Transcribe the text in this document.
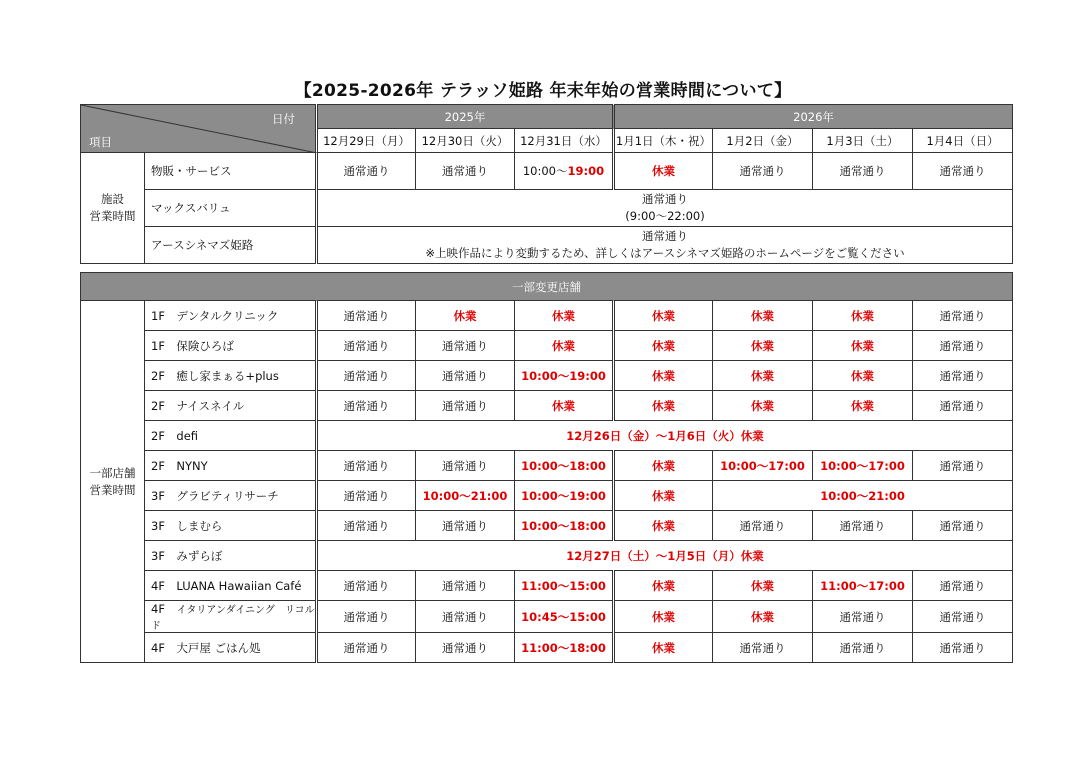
【2025-2026年 テラッソ姫路 年末年始の営業時間について】
日付
項目		2025年			2026年			
		12月29日（月）	12月30日（火）	12月31日（水）	1月1日（木・祝）	1月2日（金）	1月3日（土）	1月4日（日）

施設
営業時間	物販・サービス	通常通り	通常通り	10:00～19:00	休業	通常通り	通常通り	通常通り
	マックスバリュ	通常通り
(9:00～22:00)						

	アースシネマズ姫路	通常通り
※上映作品により変動するため、詳しくはアースシネマズ姫路のホームページをご覧ください						
一部変更店舗								

一部店舗
営業時間	1F　デンタルクリニック	通常通り	休業	休業	休業	休業	休業	通常通り
	1F　保険ひろば	通常通り	通常通り	休業	休業	休業	休業	通常通り
	2F　癒し家まぁる+plus	通常通り	通常通り	10:00～19:00	休業	休業	休業	通常通り
	2F　ナイスネイル	通常通り	通常通り	休業	休業	休業	休業	通常通り
	2F　defi	12月26日（金）～1月6日（火）休業						
	2F　NYNY	通常通り	通常通り	10:00～18:00	休業	10:00～17:00	10:00～17:00	通常通り
	3F　グラビティリサーチ	通常通り	10:00～21:00	10:00～19:00	休業	10:00～21:00		
	3F　しまむら	通常通り	通常通り	10:00～18:00	休業	通常通り	通常通り	通常通り
	3F　みずらぼ	12月27日（土）～1月5日（月）休業						
	4F　LUANA Hawaiian Café	通常通り	通常通り	11:00～15:00	休業	休業	11:00～17:00	通常通り
	4F　 イタリアンダイニング　リコルド	通常通り	通常通り	10:45～15:00	休業	休業	通常通り	通常通り
	4F　大戸屋 ごはん処	通常通り	通常通り	11:00～18:00	休業	通常通り	通常通り	通常通り
